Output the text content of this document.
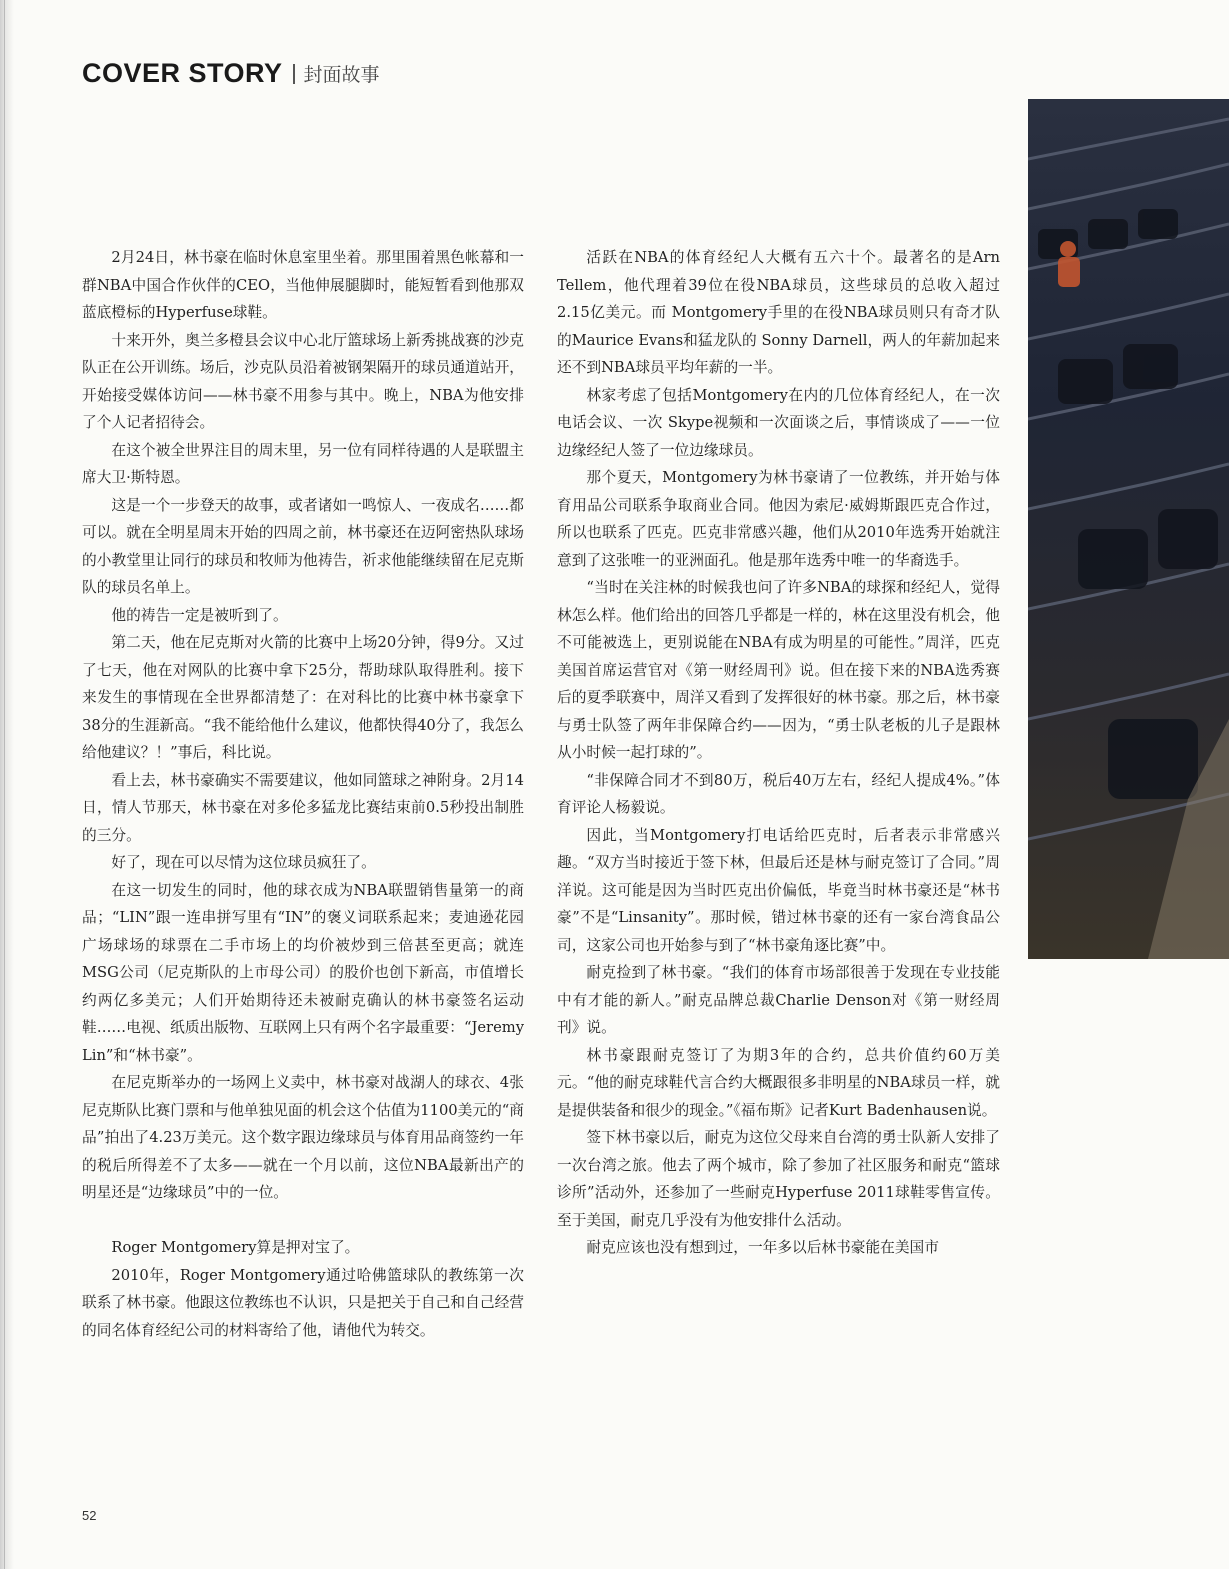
COVER STORY 封面故事

2月24日，林书豪在临时休息室里坐着。那里围着黑色帐幕和一群NBA中国合作伙伴的CEO，当他伸展腿脚时，能短暂看到他那双蓝底橙标的Hyperfuse球鞋。

十来开外，奥兰多橙县会议中心北厅篮球场上新秀挑战赛的沙克队正在公开训练。场后，沙克队员沿着被钢架隔开的球员通道站开，开始接受媒体访问——林书豪不用参与其中。晚上，NBA为他安排了个人记者招待会。

在这个被全世界注目的周末里，另一位有同样待遇的人是联盟主席大卫·斯特恩。

这是一个一步登天的故事，或者诸如一鸣惊人、一夜成名……都可以。就在全明星周末开始的四周之前，林书豪还在迈阿密热队球场的小教堂里让同行的球员和牧师为他祷告，祈求他能继续留在尼克斯队的球员名单上。

他的祷告一定是被听到了。

第二天，他在尼克斯对火箭的比赛中上场20分钟，得9分。又过了七天，他在对网队的比赛中拿下25分，帮助球队取得胜利。接下来发生的事情现在全世界都清楚了：在对科比的比赛中林书豪拿下38分的生涯新高。“我不能给他什么建议，他都快得40分了，我怎么给他建议？！”事后，科比说。

看上去，林书豪确实不需要建议，他如同篮球之神附身。2月14日，情人节那天，林书豪在对多伦多猛龙比赛结束前0.5秒投出制胜的三分。

好了，现在可以尽情为这位球员疯狂了。

在这一切发生的同时，他的球衣成为NBA联盟销售量第一的商品；“LIN”跟一连串拼写里有“IN”的褒义词联系起来；麦迪逊花园广场球场的球票在二手市场上的均价被炒到三倍甚至更高；就连MSG公司（尼克斯队的上市母公司）的股价也创下新高，市值增长约两亿多美元；人们开始期待还未被耐克确认的林书豪签名运动鞋……电视、纸质出版物、互联网上只有两个名字最重要：“Jeremy Lin”和“林书豪”。

在尼克斯举办的一场网上义卖中，林书豪对战湖人的球衣、4张尼克斯队比赛门票和与他单独见面的机会这个估值为1100美元的“商品”拍出了4.23万美元。这个数字跟边缘球员与体育用品商签约一年的税后所得差不了太多——就在一个月以前，这位NBA最新出产的明星还是“边缘球员”中的一位。

Roger Montgomery算是押对宝了。

2010年，Roger Montgomery通过哈佛篮球队的教练第一次联系了林书豪。他跟这位教练也不认识，只是把关于自己和自己经营的同名体育经纪公司的材料寄给了他，请他代为转交。

活跃在NBA的体育经纪人大概有五六十个。最著名的是Arn Tellem，他代理着39位在役NBA球员，这些球员的总收入超过2.15亿美元。而 Montgomery手里的在役NBA球员则只有奇才队的Maurice Evans和猛龙队的 Sonny Darnell，两人的年薪加起来还不到NBA球员平均年薪的一半。

林家考虑了包括Montgomery在内的几位体育经纪人，在一次电话会议、一次 Skype视频和一次面谈之后，事情谈成了——一位边缘经纪人签了一位边缘球员。

那个夏天，Montgomery为林书豪请了一位教练，并开始与体育用品公司联系争取商业合同。他因为索尼·威姆斯跟匹克合作过，所以也联系了匹克。匹克非常感兴趣，他们从2010年选秀开始就注意到了这张唯一的亚洲面孔。他是那年选秀中唯一的华裔选手。

“当时在关注林的时候我也问了许多NBA的球探和经纪人，觉得林怎么样。他们给出的回答几乎都是一样的，林在这里没有机会，他不可能被选上，更别说能在NBA有成为明星的可能性。”周洋，匹克美国首席运营官对《第一财经周刊》说。但在接下来的NBA选秀赛后的夏季联赛中，周洋又看到了发挥很好的林书豪。那之后，林书豪与勇士队签了两年非保障合约——因为，“勇士队老板的儿子是跟林从小时候一起打球的”。

“非保障合同才不到80万，税后40万左右，经纪人提成4%。”体育评论人杨毅说。

因此，当Montgomery打电话给匹克时，后者表示非常感兴趣。“双方当时接近于签下林，但最后还是林与耐克签订了合同。”周洋说。这可能是因为当时匹克出价偏低，毕竟当时林书豪还是“林书豪”不是“Linsanity”。那时候，错过林书豪的还有一家台湾食品公司，这家公司也开始参与到了“林书豪角逐比赛”中。

耐克捡到了林书豪。“我们的体育市场部很善于发现在专业技能中有才能的新人。”耐克品牌总裁Charlie Denson对《第一财经周刊》说。

林书豪跟耐克签订了为期3年的合约，总共价值约60万美元。“他的耐克球鞋代言合约大概跟很多非明星的NBA球员一样，就是提供装备和很少的现金。”《福布斯》记者Kurt Badenhausen说。

签下林书豪以后，耐克为这位父母来自台湾的勇士队新人安排了一次台湾之旅。他去了两个城市，除了参加了社区服务和耐克“篮球诊所”活动外，还参加了一些耐克Hyperfuse 2011球鞋零售宣传。至于美国，耐克几乎没有为他安排什么活动。

耐克应该也没有想到过，一年多以后林书豪能在美国市

52
